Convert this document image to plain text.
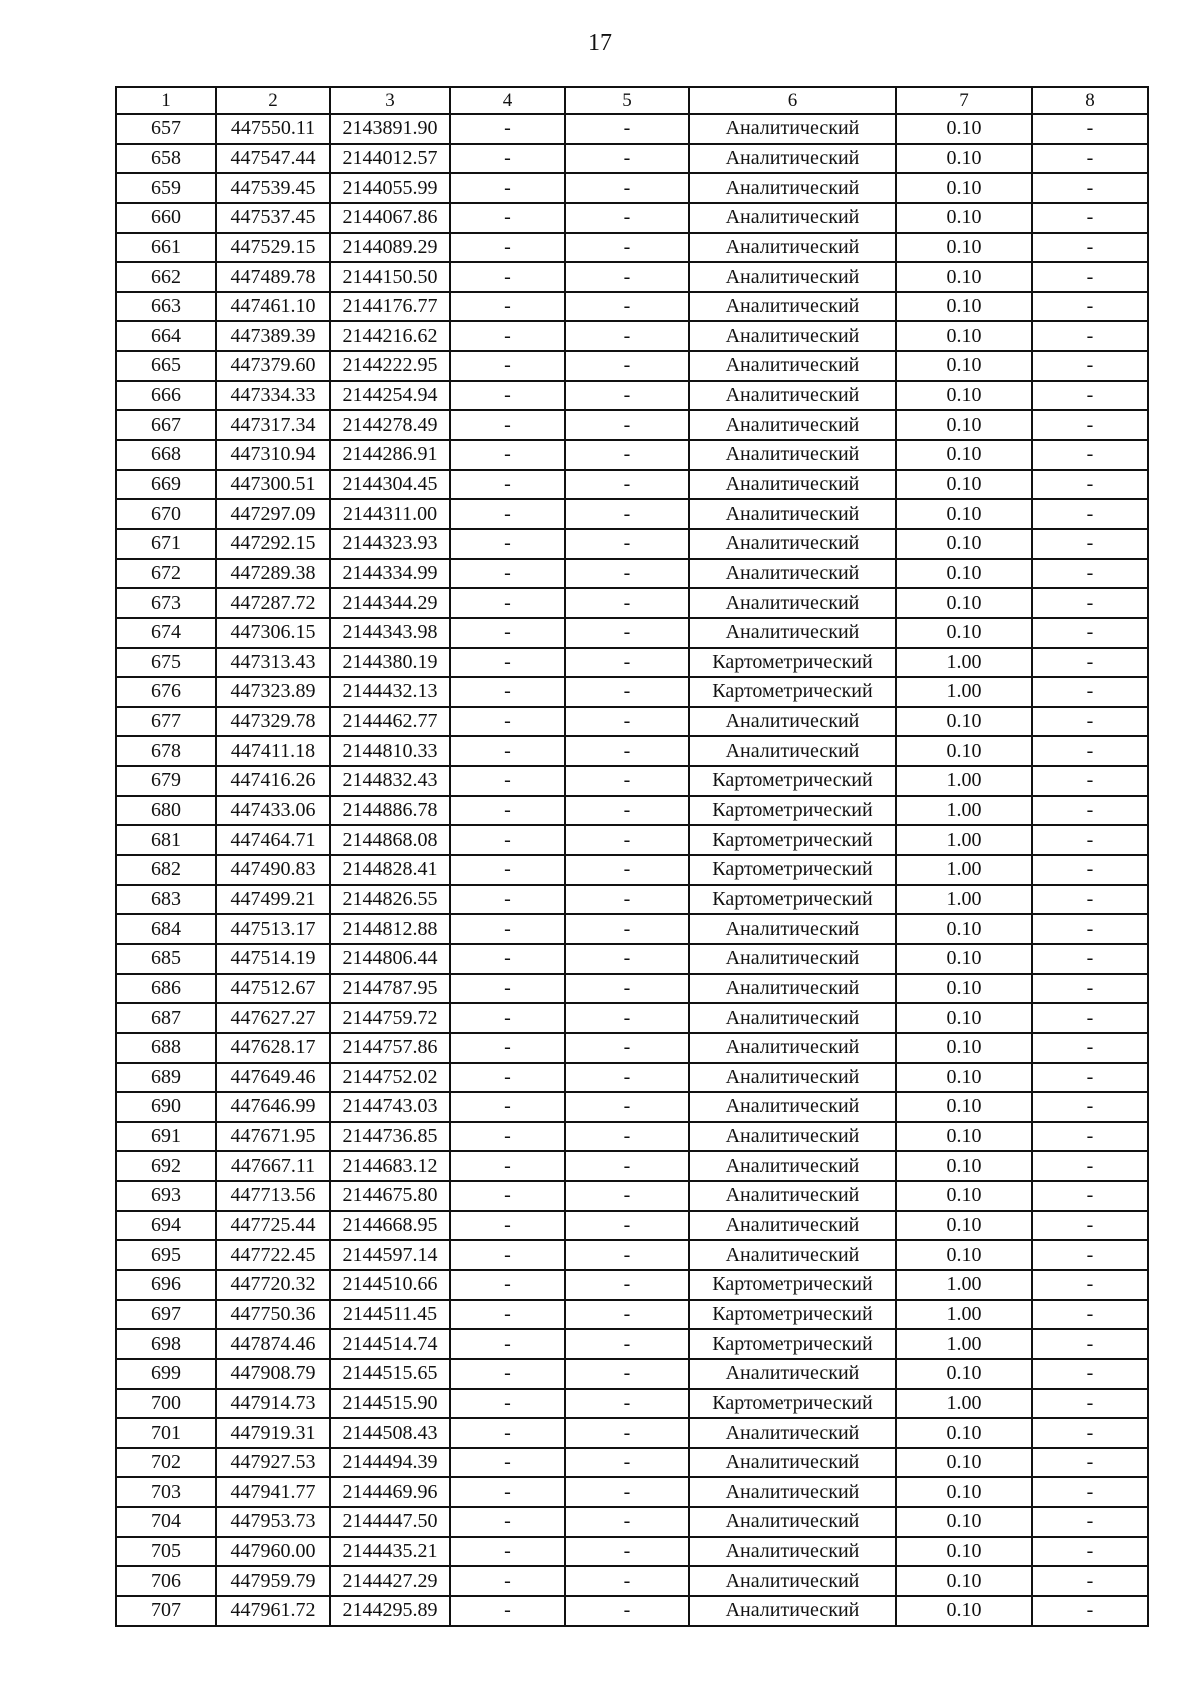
17
1	2	3	4	5	6	7	8
657	447550.11	2143891.90	-	-	Аналитический	0.10	-
658	447547.44	2144012.57	-	-	Аналитический	0.10	-
659	447539.45	2144055.99	-	-	Аналитический	0.10	-
660	447537.45	2144067.86	-	-	Аналитический	0.10	-
661	447529.15	2144089.29	-	-	Аналитический	0.10	-
662	447489.78	2144150.50	-	-	Аналитический	0.10	-
663	447461.10	2144176.77	-	-	Аналитический	0.10	-
664	447389.39	2144216.62	-	-	Аналитический	0.10	-
665	447379.60	2144222.95	-	-	Аналитический	0.10	-
666	447334.33	2144254.94	-	-	Аналитический	0.10	-
667	447317.34	2144278.49	-	-	Аналитический	0.10	-
668	447310.94	2144286.91	-	-	Аналитический	0.10	-
669	447300.51	2144304.45	-	-	Аналитический	0.10	-
670	447297.09	2144311.00	-	-	Аналитический	0.10	-
671	447292.15	2144323.93	-	-	Аналитический	0.10	-
672	447289.38	2144334.99	-	-	Аналитический	0.10	-
673	447287.72	2144344.29	-	-	Аналитический	0.10	-
674	447306.15	2144343.98	-	-	Аналитический	0.10	-
675	447313.43	2144380.19	-	-	Картометрический	1.00	-
676	447323.89	2144432.13	-	-	Картометрический	1.00	-
677	447329.78	2144462.77	-	-	Аналитический	0.10	-
678	447411.18	2144810.33	-	-	Аналитический	0.10	-
679	447416.26	2144832.43	-	-	Картометрический	1.00	-
680	447433.06	2144886.78	-	-	Картометрический	1.00	-
681	447464.71	2144868.08	-	-	Картометрический	1.00	-
682	447490.83	2144828.41	-	-	Картометрический	1.00	-
683	447499.21	2144826.55	-	-	Картометрический	1.00	-
684	447513.17	2144812.88	-	-	Аналитический	0.10	-
685	447514.19	2144806.44	-	-	Аналитический	0.10	-
686	447512.67	2144787.95	-	-	Аналитический	0.10	-
687	447627.27	2144759.72	-	-	Аналитический	0.10	-
688	447628.17	2144757.86	-	-	Аналитический	0.10	-
689	447649.46	2144752.02	-	-	Аналитический	0.10	-
690	447646.99	2144743.03	-	-	Аналитический	0.10	-
691	447671.95	2144736.85	-	-	Аналитический	0.10	-
692	447667.11	2144683.12	-	-	Аналитический	0.10	-
693	447713.56	2144675.80	-	-	Аналитический	0.10	-
694	447725.44	2144668.95	-	-	Аналитический	0.10	-
695	447722.45	2144597.14	-	-	Аналитический	0.10	-
696	447720.32	2144510.66	-	-	Картометрический	1.00	-
697	447750.36	2144511.45	-	-	Картометрический	1.00	-
698	447874.46	2144514.74	-	-	Картометрический	1.00	-
699	447908.79	2144515.65	-	-	Аналитический	0.10	-
700	447914.73	2144515.90	-	-	Картометрический	1.00	-
701	447919.31	2144508.43	-	-	Аналитический	0.10	-
702	447927.53	2144494.39	-	-	Аналитический	0.10	-
703	447941.77	2144469.96	-	-	Аналитический	0.10	-
704	447953.73	2144447.50	-	-	Аналитический	0.10	-
705	447960.00	2144435.21	-	-	Аналитический	0.10	-
706	447959.79	2144427.29	-	-	Аналитический	0.10	-
707	447961.72	2144295.89	-	-	Аналитический	0.10	-
